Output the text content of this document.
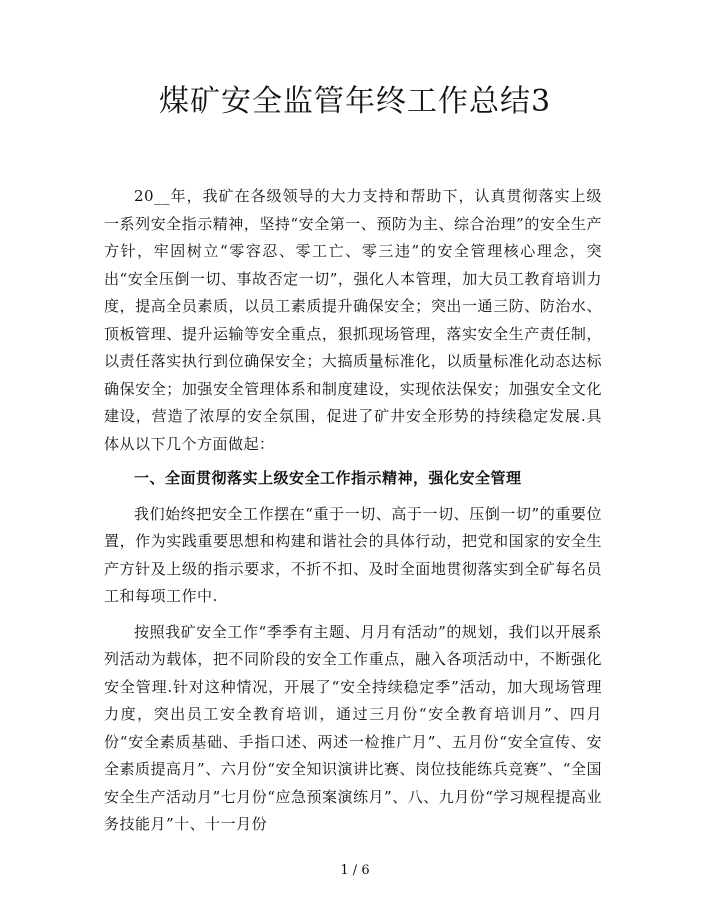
煤矿安全监管年终工作总结3

20__年，我矿在各级领导的大力支持和帮助下，认真贯彻落实上级一系列安全指示精神，坚持“安全第一、预防为主、综合治理”的安全生产方针，牢固树立“零容忍、零工亡、零三违”的安全管理核心理念，突出“安全压倒一切、事故否定一切”，强化人本管理，加大员工教育培训力度，提高全员素质，以员工素质提升确保安全；突出一通三防、防治水、顶板管理、提升运输等安全重点，狠抓现场管理，落实安全生产责任制，以责任落实执行到位确保安全；大搞质量标准化，以质量标准化动态达标确保安全；加强安全管理体系和制度建设，实现依法保安；加强安全文化建设，营造了浓厚的安全氛围，促进了矿井安全形势的持续稳定发展.具体从以下几个方面做起：

一、全面贯彻落实上级安全工作指示精神，强化安全管理

我们始终把安全工作摆在“重于一切、高于一切、压倒一切”的重要位置，作为实践重要思想和构建和谐社会的具体行动，把党和国家的安全生产方针及上级的指示要求，不折不扣、及时全面地贯彻落实到全矿每名员工和每项工作中.

按照我矿安全工作“季季有主题、月月有活动”的规划，我们以开展系列活动为载体，把不同阶段的安全工作重点，融入各项活动中，不断强化安全管理.针对这种情况，开展了“安全持续稳定季”活动，加大现场管理力度，突出员工安全教育培训，通过三月份“安全教育培训月”、四月份“安全素质基础、手指口述、两述一检推广月”、五月份“安全宣传、安全素质提高月”、六月份“安全知识演讲比赛、岗位技能练兵竞赛”、“全国安全生产活动月”七月份“应急预案演练月”、八、九月份“学习规程提高业务技能月”十、十一月份

1 / 6
